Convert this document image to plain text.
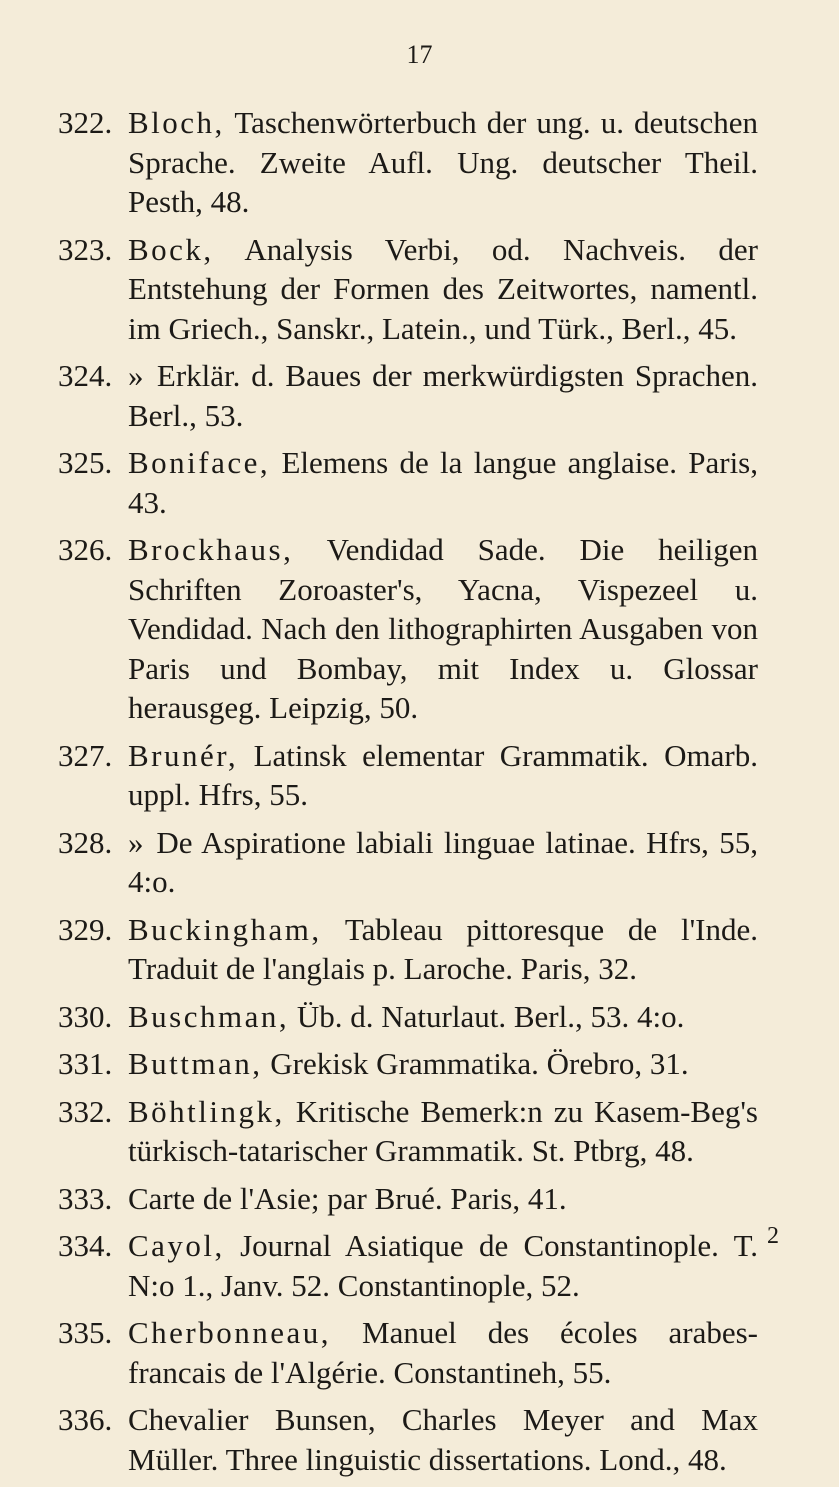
17
322. Bloch, Taschenwörterbuch der ung. u. deutschen Sprache. Zweite Aufl. Ung. deutscher Theil. Pesth, 48.
323. Bock, Analysis Verbi, od. Nachveis. der Entstehung der Formen des Zeitwortes, namentl. im Griech., Sanskr., Latein., und Türk., Berl., 45.
324. » Erklär. d. Baues der merkwürdigsten Sprachen. Berl., 53.
325. Boniface, Elemens de la langue anglaise. Paris, 43.
326. Brockhaus, Vendidad Sade. Die heiligen Schriften Zoroaster's, Yacna, Vispezeel u. Vendidad. Nach den lithographirten Ausgaben von Paris und Bombay, mit Index u. Glossar herausgeg. Leipzig, 50.
327. Brunér, Latinsk elementar Grammatik. Omarb. uppl. Hfrs, 55.
328. » De Aspiratione labiali linguae latinae. Hfrs, 55, 4:o.
329. Buckingham, Tableau pittoresque de l'Inde. Traduit de l'anglais p. Laroche. Paris, 32.
330. Buschman, Üb. d. Naturlaut. Berl., 53. 4:o.
331. Buttman, Grekisk Grammatika. Örebro, 31.
332. Böhtlingk, Kritische Bemerk:n zu Kasem-Beg's türkisch-tatarischer Grammatik. St. Ptbrg, 48.
333. Carte de l'Asie; par Brué. Paris, 41.
334. Cayol, Journal Asiatique de Constantinople. T. N:o 1., Janv. 52. Constantinople, 52.
335. Cherbonneau, Manuel des écoles arabes-francais de l'Algérie. Constantineh, 55.
336. Chevalier Bunsen, Charles Meyer and Max Müller. Three linguistic dissertations. Lond., 48.
2
